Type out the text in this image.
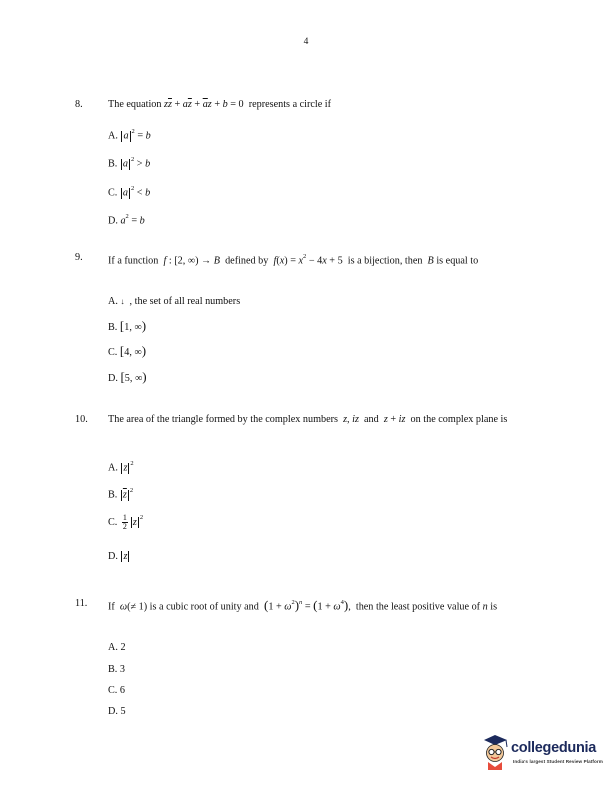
4
8. The equation $z\overline{z} + a\overline{z} + \overline{a}z + b = 0$  represents a circle if
A. a $^2$ = b
B. a $^2$ > b
C. a $^2$ < b
D. $a^2 = b$
9. If a function  f : [2, ∞) → B  defined by  $f(x) = x^2 - 4x + 5$  is a bijection, then  B is equal to
A. ↓  , the set of all real numbers
B. [1, ∞)
C. [4, ∞)
D. [5, ∞)
10. The area of the triangle formed by the complex numbers  z, iz  and  z + iz  on the complex plane is
A. z $^2$
B. $\overline{z}$ $^2$
C. $\frac{1}{2}$ z $^2$
D. z
11. If  ω(≠ 1) is a cubic root of unity and  $(1 + \omega^2)^n = (1 + \omega^4)$,  then the least positive value of n is
A. 2
B. 3
C. 6
D. 5
collegedunia
India's largest Student Review Platform
